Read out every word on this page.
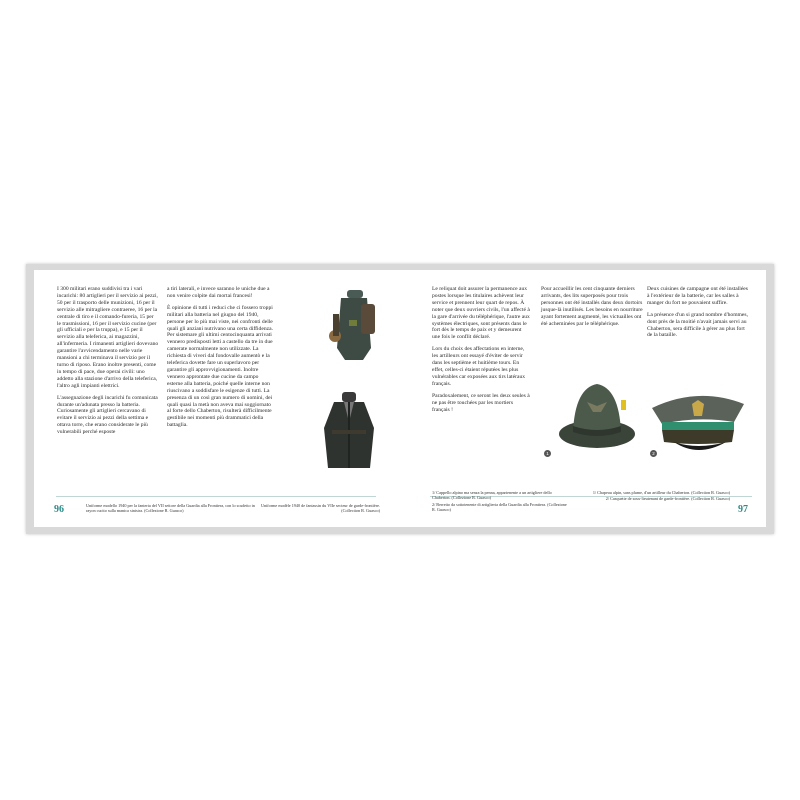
I 300 militari erano suddivisi tra i vari incarichi: 80 artiglieri per il servizio ai pezzi, 50 per il trasporto delle munizioni, 16 per il servizio alle mitragliere contraeree, 16 per la centrale di tiro e il comando-fureria, 15 per le trasmissioni, 16 per il servizio cucine (per gli ufficiali e per la truppa), e 15 per il servizio alla teleferica, ai magazzini, all'infermeria. I rimanenti artiglieri dovevano garantire l'avvicendamento nelle varie mansioni a chi terminava il servizio per il turno di riposo. Erano inoltre presenti, come in tempo di pace, due operai civili: uno addetto alla stazione d'arrivo della teleferica, l'altro agli impianti elettrici.

L'assegnazione degli incarichi fu comunicata durante un'adunata presso la batteria. Curiosamente gli artiglieri cercavano di evitare il servizio ai pezzi della settima e ottava torre, che erano considerate le più vulnerabili perché esposte

a tiri laterali, e invece saranno le uniche due a non venire colpite dai mortai francesi!

È opinione di tutti i reduci che ci fossero troppi militari alla batteria nel giugno del 1940, persone per lo più mai viste, nei confronti delle quali gli anziani nutrivano una certa diffidenza. Per sistemare gli ultimi centocinquanta arrivati vennero predisposti letti a castello da tre in due camerate normalmente non utilizzate. La richiesta di viveri dal fondovalle aumentò e la teleferica dovette fare un superlavoro per garantire gli approvvigionamenti. Inoltre vennero approntate due cucine da campo esterne alla batteria, poiché quelle interne non riuscivano a soddisfare le esigenze di tutti. La presenza di un così gran numero di uomini, dei quali quasi la metà non aveva mai soggiornato al forte dello Chaberton, risulterà difficilmente gestibile nei momenti più drammatici della battaglia.

96	Uniforme modello 1940 per la fanteria del VII settore della Guardia alla Frontiera, con lo scudetto in rayon cucito sulla manica sinistra. (Collezione R. Guasco)
Uniforme modèle 1940 de fantassin du VIIe secteur de garde-frontière. (Collection R. Guasco)

Le reliquat doit assurer la permanence aux postes lorsque les titulaires achèvent leur service et prennent leur quart de repos. À noter que deux ouvriers civils, l'un affecté à la gare d'arrivée du téléphérique, l'autre aux systèmes électriques, sont présents dans le fort dès le temps de paix et y demeurent une fois le conflit déclaré.

Lors du choix des affectations en interne, les artilleurs ont essayé d'éviter de servir dans les septième et huitième tours. En effet, celles-ci étaient réputées les plus vulnérables car exposées aux tirs latéraux français.

Paradoxalement, ce seront les deux seules à ne pas être touchées par les mortiers français !

Pour accueillir les cent cinquante derniers arrivants, des lits superposés pour trois personnes ont été installés dans deux dortoirs jusque-là inutilisés. Les besoins en nourriture ayant fortement augmenté, les victuailles ont été acheminées par le téléphérique.

Deux cuisines de campagne ont été installées à l'extérieur de la batterie, car les salles à manger du fort ne pouvaient suffire.

La présence d'un si grand nombre d'hommes, dont près de la moitié n'avait jamais servi au Chaberton, sera difficile à gérer au plus fort de la bataille.

1	2

1/ Cappello alpino ma senza la penna, appartenente a un artigliere dello Chaberton. (Collezione R. Guasco)

2/ Berretto da sottotenente di artiglieria della Guardia alla Frontiera. (Collezione R. Guasco)

1/ Chapeau alpin, sans plume, d'un artilleur du Chaberton. (Collection R. Guasco)

2/ Casquette de sous-lieutenant de garde-frontière. (Collection R. Guasco)

97
